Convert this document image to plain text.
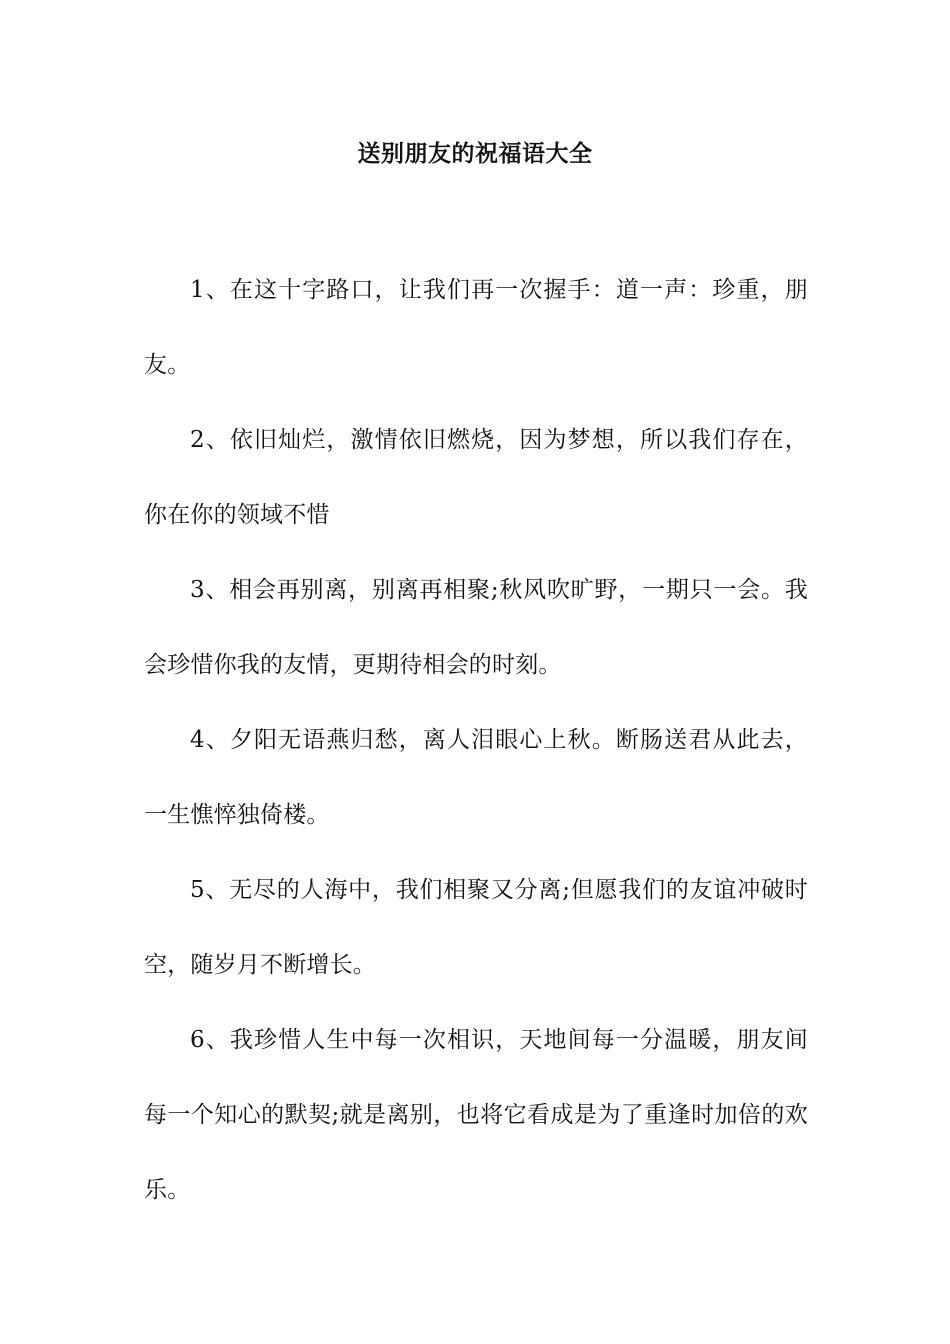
送别朋友的祝福语大全

1、在这十字路口，让我们再一次握手：道一声：珍重，朋友。

2、依旧灿烂，激情依旧燃烧，因为梦想，所以我们存在，你在你的领域不惜

3、相会再别离，别离再相聚;秋风吹旷野，一期只一会。我会珍惜你我的友情，更期待相会的时刻。

4、夕阳无语燕归愁，离人泪眼心上秋。断肠送君从此去，一生憔悴独倚楼。

5、无尽的人海中，我们相聚又分离;但愿我们的友谊冲破时空，随岁月不断增长。

6、我珍惜人生中每一次相识，天地间每一分温暖，朋友间每一个知心的默契;就是离别，也将它看成是为了重逢时加倍的欢乐。
